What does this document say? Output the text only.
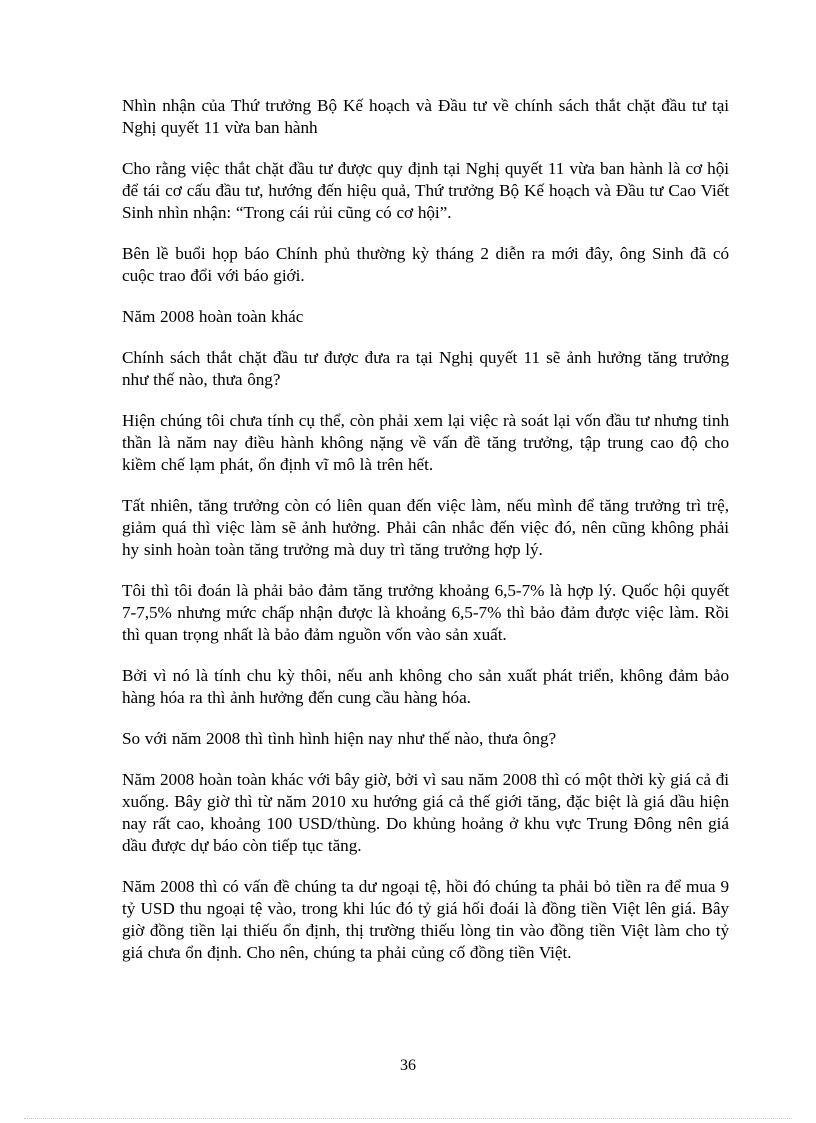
Nhìn nhận của Thứ trưởng Bộ Kế hoạch và Đầu tư về chính sách thắt chặt đầu tư tại Nghị quyết 11 vừa ban hành

Cho rằng việc thắt chặt đầu tư được quy định tại Nghị quyết 11 vừa ban hành là cơ hội để tái cơ cấu đầu tư, hướng đến hiệu quả, Thứ trưởng Bộ Kế hoạch và Đầu tư Cao Viết Sinh nhìn nhận: “Trong cái rủi cũng có cơ hội”.

Bên lề buổi họp báo Chính phủ thường kỳ tháng 2 diễn ra mới đây, ông Sinh đã có cuộc trao đổi với báo giới.

Năm 2008 hoàn toàn khác

Chính sách thắt chặt đầu tư được đưa ra tại Nghị quyết 11 sẽ ảnh hưởng tăng trưởng như thế nào, thưa ông?

Hiện chúng tôi chưa tính cụ thể, còn phải xem lại việc rà soát lại vốn đầu tư nhưng tinh thần là năm nay điều hành không nặng về vấn đề tăng trưởng, tập trung cao độ cho kiềm chế lạm phát, ổn định vĩ mô là trên hết.

Tất nhiên, tăng trưởng còn có liên quan đến việc làm, nếu mình để tăng trưởng trì trệ, giảm quá thì việc làm sẽ ảnh hưởng. Phải cân nhắc đến việc đó, nên cũng không phải hy sinh hoàn toàn tăng trưởng mà duy trì tăng trưởng hợp lý.

Tôi thì tôi đoán là phải bảo đảm tăng trưởng khoảng 6,5-7% là hợp lý. Quốc hội quyết 7-7,5% nhưng mức chấp nhận được là khoảng 6,5-7% thì bảo đảm được việc làm. Rồi thì quan trọng nhất là bảo đảm nguồn vốn vào sản xuất.

Bởi vì nó là tính chu kỳ thôi, nếu anh không cho sản xuất phát triển, không đảm bảo hàng hóa ra thì ảnh hưởng đến cung cầu hàng hóa.

So với năm 2008 thì tình hình hiện nay như thế nào, thưa ông?

Năm 2008 hoàn toàn khác với bây giờ, bởi vì sau năm 2008 thì có một thời kỳ giá cả đi xuống. Bây giờ thì từ năm 2010 xu hướng giá cả thế giới tăng, đặc biệt là giá dầu hiện nay rất cao, khoảng 100 USD/thùng. Do khủng hoảng ở khu vực Trung Đông nên giá dầu được dự báo còn tiếp tục tăng.

Năm 2008 thì có vấn đề chúng ta dư ngoại tệ, hồi đó chúng ta phải bỏ tiền ra để mua 9 tỷ USD thu ngoại tệ vào, trong khi lúc đó tỷ giá hối đoái là đồng tiền Việt lên giá. Bây giờ đồng tiền lại thiếu ổn định, thị trường thiếu lòng tin vào đồng tiền Việt làm cho tỷ giá chưa ổn định. Cho nên, chúng ta phải củng cố đồng tiền Việt.

36
